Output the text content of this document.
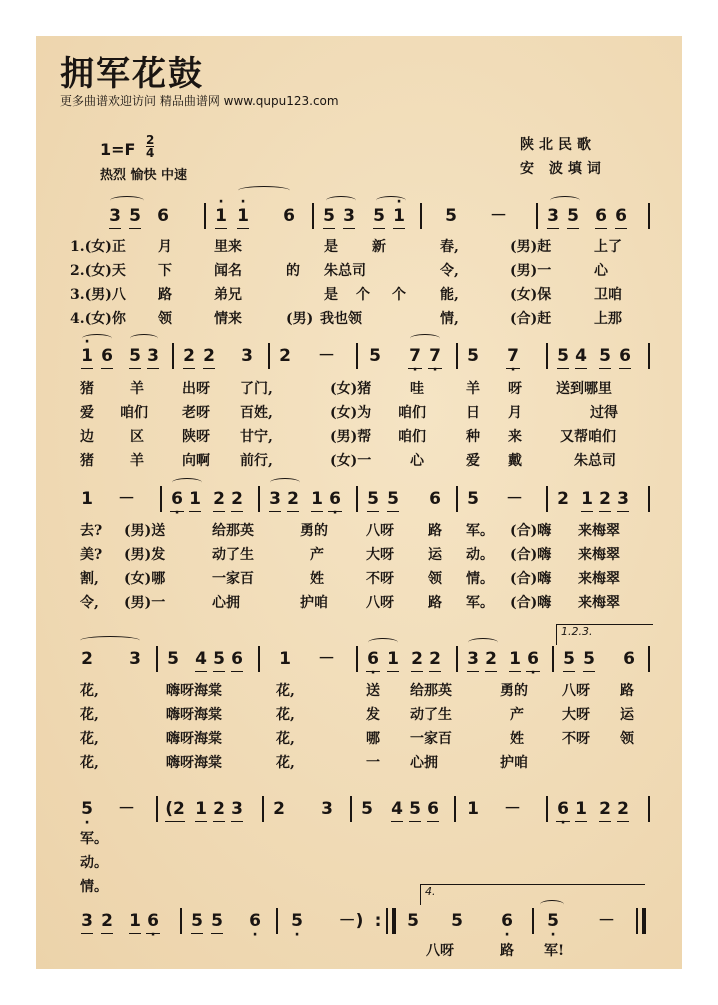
拥军花鼓
更多曲谱欢迎访问 精品曲谱网 www.qupu123.com
$1=F \frac{2}{4}$
热烈 愉快 中速
陕北民歌
安 波填词
3 5 6	· 1 · 1 6 5 3 5 · 1 5 － 3 5 6 6
1.(女)正 月	里来	是 新	春,	(男)赶	上了
2.(女)天 下	闻名	的 朱总司	令,	(男)一	心
3.(男)八 路	弟兄	是 个 个 能,	(女)保	卫咱
4.(女)你 领	情来	(男) 我也领	情,	(合)赶	上那
· 1 6 5 3 2 2 3 2 － 5 7 · 7 · 5 7 · 5 4 5 6
猪	羊	出呀 了门,	(女)猪	哇	羊 呀 送到哪里
爱 咱们 老呀 百姓,	(女)为 咱们	日 月	过得
边	区	陕呀 甘宁,	(男)帮 咱们	种 来	又帮咱们
猪	羊	向啊 前行,	(女)一	心	爱 戴	朱总司
1 － 6 · 1 2 2 3 2 1 6 · 5 5 6 5 － 2 1 2 3
去? (男)送	给那英	勇的	八呀 路 军。 (合)嗨 来梅翠
美? (男)发	动了生	产	大呀 运 动。 (合)嗨 来梅翠
割, (女)哪	一家百	姓	不呀 领 情。 (合)嗨 来梅翠
令, (男)一	心拥	护咱	八呀 路 军。 (合)嗨 来梅翠
1.2.3.
2 3 5 4 5 6 1 － 6 · 1 2 2 3 2 1 6 · 5 5 6
花,	嗨呀海棠	花,	送 给那英	勇的 八呀 路
花,	嗨呀海棠	花,	发 动了生	产	大呀 运
花,	嗨呀海棠	花,	哪 一家百	姓	不呀 领
花,	嗨呀海棠	花,	一 心拥	护咱
5 · － (2 1 2 3 2 3 5 4 5 6 1 － 6 · 1 2 2
军。
动。
情。	4.
3 2 1 6 · 5 5 6 · 5 · －) : 5 5 6 · 5 · －
八呀	路 军!
